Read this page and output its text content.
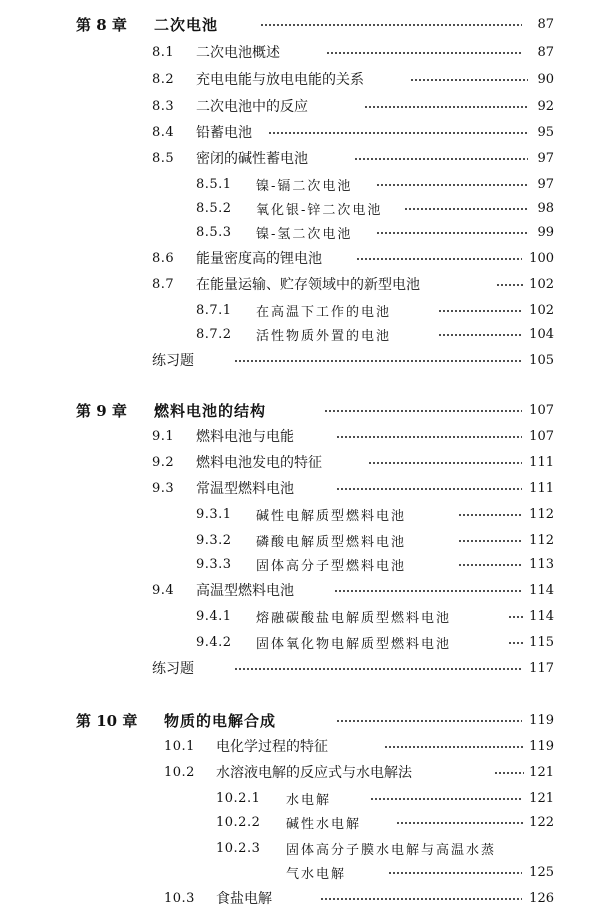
第 8 章 二次电池	87
8.1 二次电池概述	87
8.2 充电电能与放电电能的关系	90
8.3 二次电池中的反应	92
8.4 铅蓄电池	95
8.5 密闭的碱性蓄电池	97
8.5.1 镍-镉二次电池	97
8.5.2 氧化银-锌二次电池	98
8.5.3 镍-氢二次电池	99
8.6 能量密度高的锂电池	100
8.7 在能量运输、贮存领域中的新型电池	102
8.7.1 在高温下工作的电池	102
8.7.2 活性物质外置的电池	104
练习题	105
第 9 章 燃料电池的结构	107
9.1 燃料电池与电能	107
9.2 燃料电池发电的特征	111
9.3 常温型燃料电池	111
9.3.1 碱性电解质型燃料电池	112
9.3.2 磷酸电解质型燃料电池	112
9.3.3 固体高分子型燃料电池	113
9.4 高温型燃料电池	114
9.4.1 熔融碳酸盐电解质型燃料电池	114
9.4.2 固体氧化物电解质型燃料电池	115
练习题	117
第 10 章 物质的电解合成	119
10.1 电化学过程的特征	119
10.2 水溶液电解的反应式与水电解法	121
10.2.1 水电解	121
10.2.2 碱性水电解	122
10.2.3 固体高分子膜水电解与高温水蒸
气水电解	125
10.3 食盐电解	126
